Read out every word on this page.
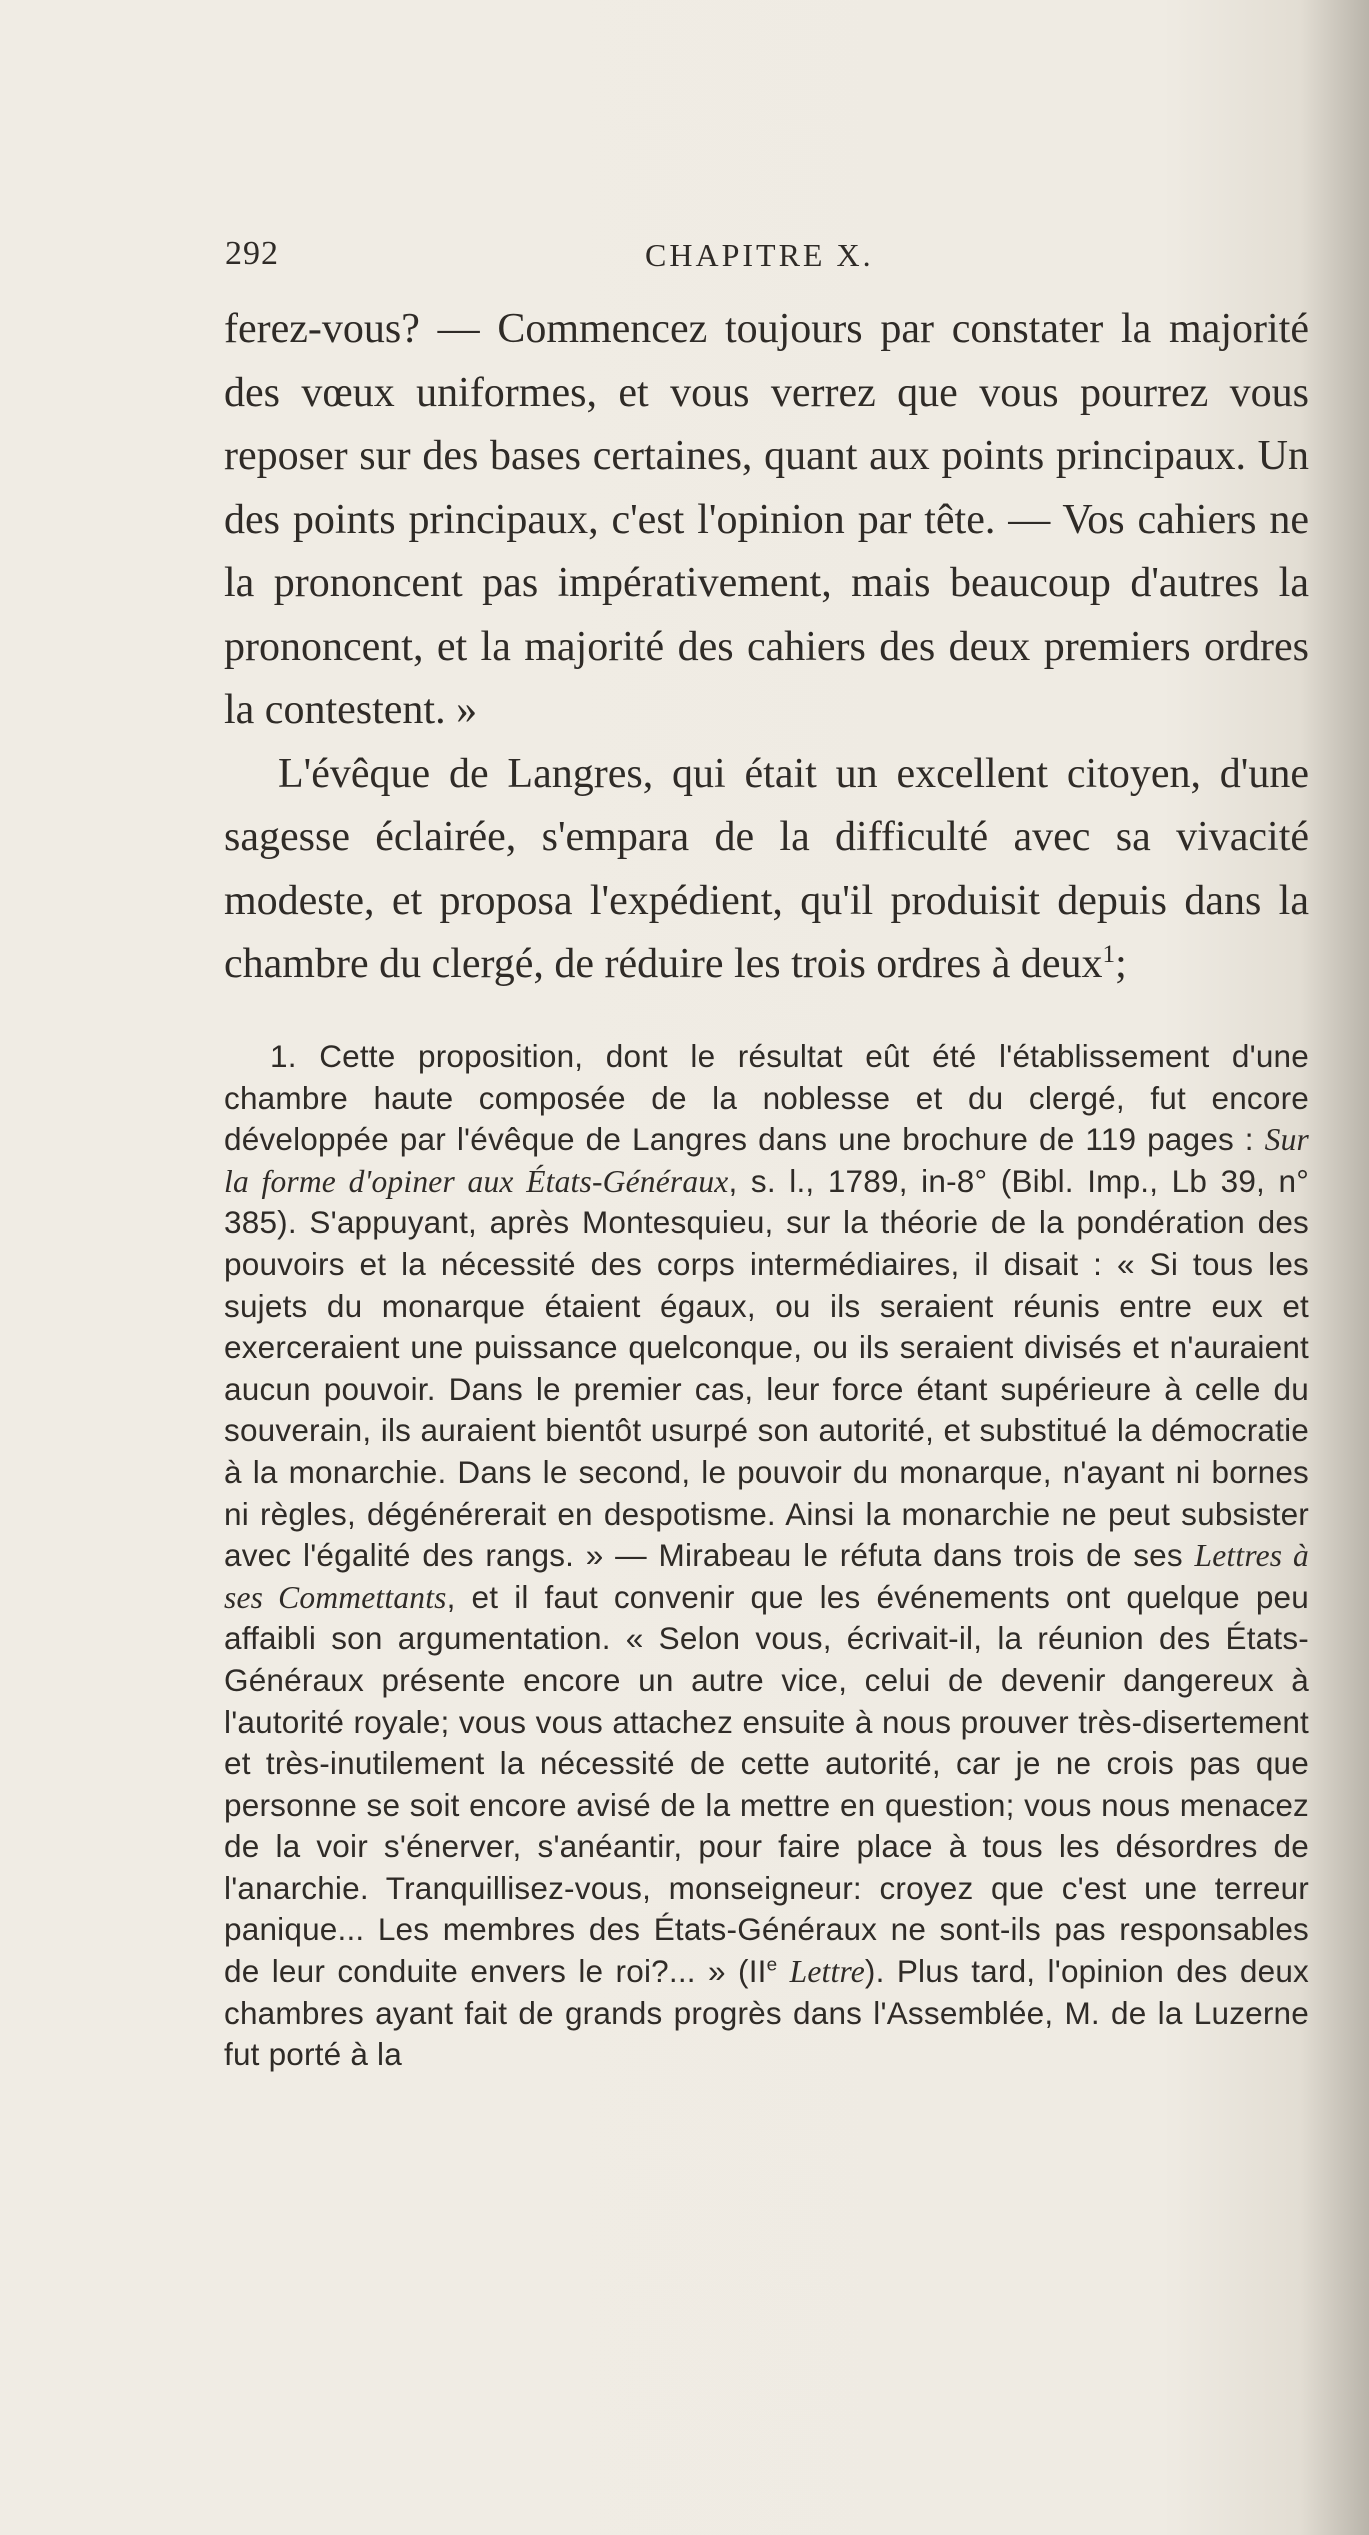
292	CHAPITRE X.

ferez-vous? — Commencez toujours par constater la majorité des vœux uniformes, et vous verrez que vous pourrez vous reposer sur des bases certaines, quant aux points principaux. Un des points principaux, c'est l'opinion par tête. — Vos cahiers ne la prononcent pas impérativement, mais beaucoup d'autres la prononcent, et la majorité des cahiers des deux premiers ordres la contestent. »

L'évêque de Langres, qui était un excellent citoyen, d'une sagesse éclairée, s'empara de la difficulté avec sa vivacité modeste, et proposa l'expédient, qu'il produisit depuis dans la chambre du clergé, de réduire les trois ordres à deux$^1$;

1. Cette proposition, dont le résultat eût été l'établissement d'une chambre haute composée de la noblesse et du clergé, fut encore développée par l'évêque de Langres dans une brochure de 119 pages : Sur la forme d'opiner aux États-Généraux, s. l., 1789, in-8° (Bibl. Imp., Lb 39, n° 385). S'appuyant, après Montesquieu, sur la théorie de la pondération des pouvoirs et la nécessité des corps intermédiaires, il disait : « Si tous les sujets du monarque étaient égaux, ou ils seraient réunis entre eux et exerceraient une puissance quelconque, ou ils seraient divisés et n'auraient aucun pouvoir. Dans le premier cas, leur force étant supérieure à celle du souverain, ils auraient bientôt usurpé son autorité, et substitué la démocratie à la monarchie. Dans le second, le pouvoir du monarque, n'ayant ni bornes ni règles, dégénérerait en despotisme. Ainsi la monarchie ne peut subsister avec l'égalité des rangs. » — Mirabeau le réfuta dans trois de ses Lettres à ses Commettants, et il faut convenir que les événements ont quelque peu affaibli son argumentation. « Selon vous, écrivait-il, la réunion des États-Généraux présente encore un autre vice, celui de devenir dangereux à l'autorité royale; vous vous attachez ensuite à nous prouver très-disertement et très-inutilement la nécessité de cette autorité, car je ne crois pas que personne se soit encore avisé de la mettre en question; vous nous menacez de la voir s'énerver, s'anéantir, pour faire place à tous les désordres de l'anarchie. Tranquillisez-vous, monseigneur: croyez que c'est une terreur panique... Les membres des États-Généraux ne sont-ils pas responsables de leur conduite envers le roi?... » (IIe Lettre). Plus tard, l'opinion des deux chambres ayant fait de grands progrès dans l'Assemblée, M. de la Luzerne fut porté à la
